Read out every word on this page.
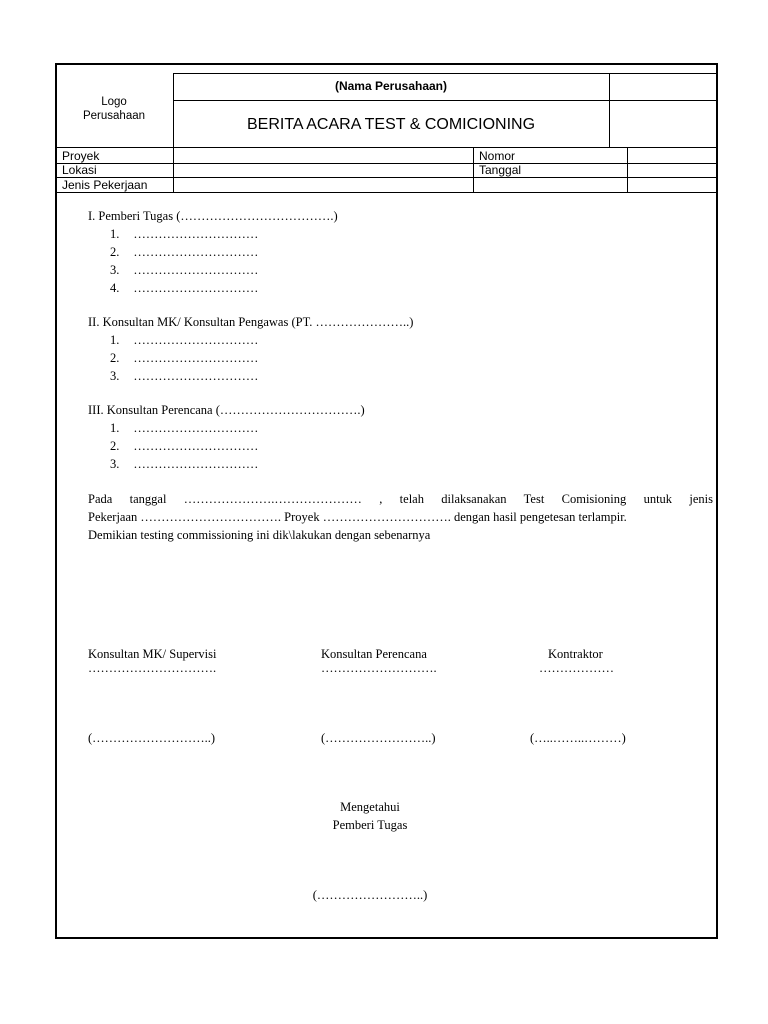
Logo
Perusahaan
(Nama Perusahaan)
BERITA ACARA TEST & COMICIONING
Proyek
Lokasi
Jenis Pekerjaan
Nomor
Tanggal
I. Pemberi Tugas (……………………………….)
1. …………………………
2. …………………………
3. …………………………
4. …………………………
II. Konsultan MK/ Konsultan Pengawas (PT. …………………..)
1. …………………………
2. …………………………
3. …………………………
III. Konsultan Perencana (…………………………….)
1. …………………………
2. …………………………
3. …………………………
Pada tanggal ………………….………………… , telah dilaksanakan Test Comisioning untuk jenis
Pekerjaan ……………………………. Proyek …………………………. dengan hasil pengetesan terlampir.
Demikian testing commissioning ini dik\lakukan dengan sebenarnya
Konsultan MK/ Supervisi
………………………….
(………………………..)
Konsultan Perencana
……………………….
(……………………..)
Kontraktor
………………
(…..……..………)
Mengetahui
Pemberi Tugas
(……………………..)
